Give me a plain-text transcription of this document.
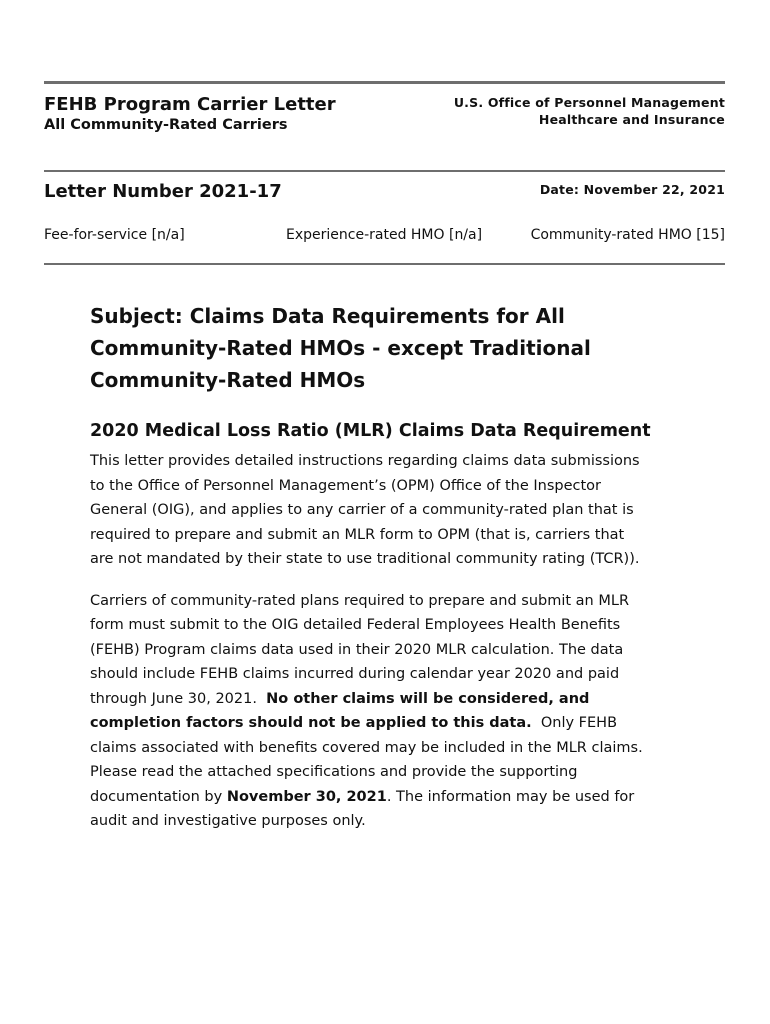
FEHB Program Carrier Letter
All Community-Rated Carriers
U.S. Office of Personnel Management
Healthcare and Insurance
Letter Number 2021-17	Date: November 22, 2021
Fee-for-service [n/a]	Experience-rated HMO [n/a]	Community-rated HMO [15]
Subject: Claims Data Requirements for All
Community-Rated HMOs - except Traditional
Community-Rated HMOs
2020 Medical Loss Ratio (MLR) Claims Data Requirement

This letter provides detailed instructions regarding claims data submissions
to the Office of Personnel Management’s (OPM) Office of the Inspector
General (OIG), and applies to any carrier of a community-rated plan that is
required to prepare and submit an MLR form to OPM (that is, carriers that
are not mandated by their state to use traditional community rating (TCR)).

Carriers of community-rated plans required to prepare and submit an MLR
form must submit to the OIG detailed Federal Employees Health Benefits
(FEHB) Program claims data used in their 2020 MLR calculation. The data
should include FEHB claims incurred during calendar year 2020 and paid
through June 30, 2021.  No other claims will be considered, and
completion factors should not be applied to this data.  Only FEHB
claims associated with benefits covered may be included in the MLR claims.
Please read the attached specifications and provide the supporting
documentation by November 30, 2021. The information may be used for
audit and investigative purposes only.
